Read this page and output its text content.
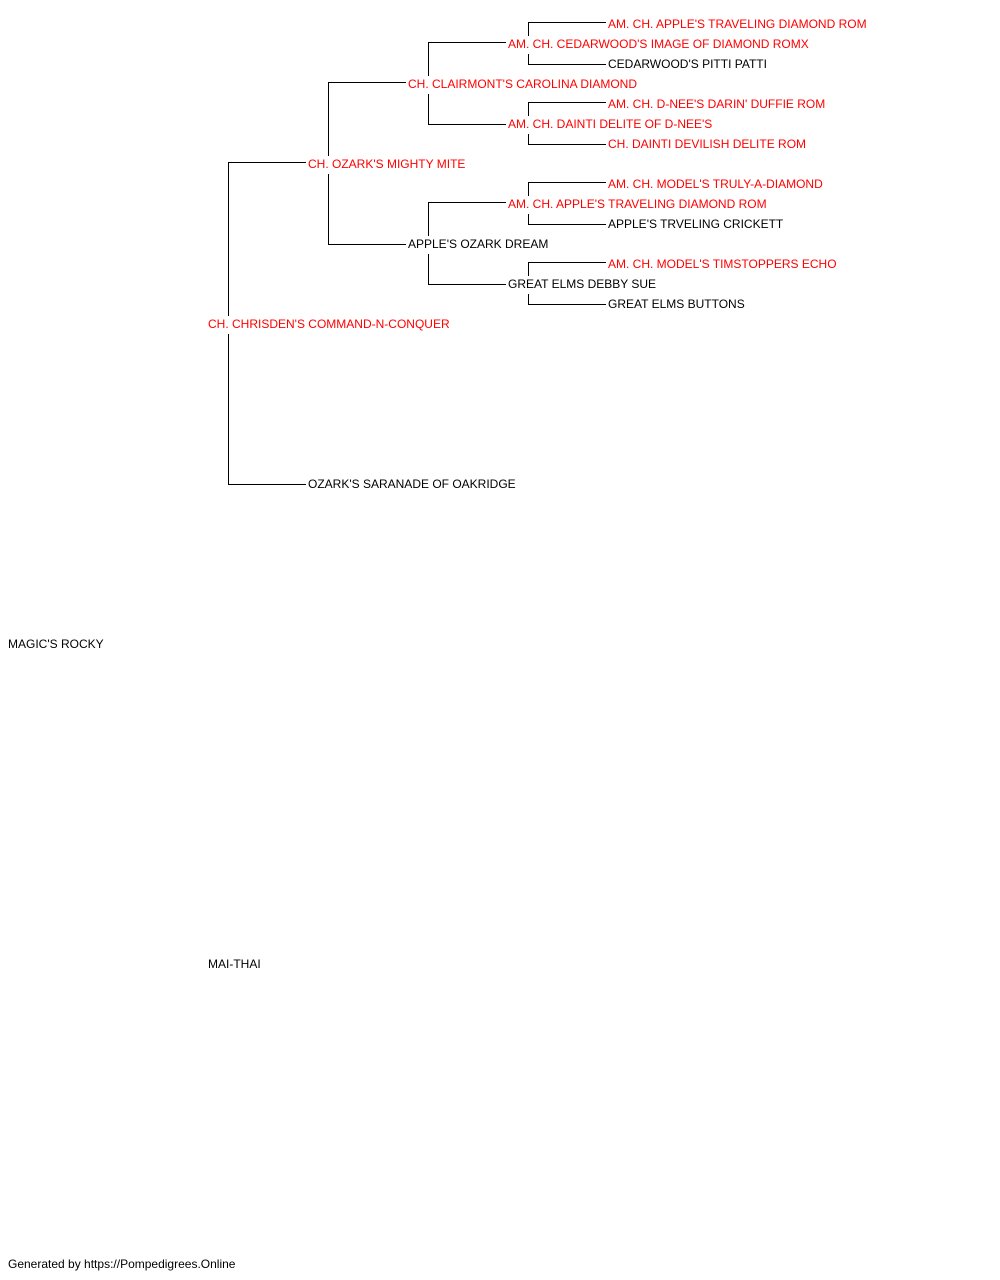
MAGIC'S ROCKY
CH. CHRISDEN'S COMMAND-N-CONQUER
MAI-THAI
CH. OZARK'S MIGHTY MITE
OZARK'S SARANADE OF OAKRIDGE
CH. CLAIRMONT'S CAROLINA DIAMOND
APPLE'S OZARK DREAM
AM. CH. CEDARWOOD'S IMAGE OF DIAMOND ROMX
AM. CH. DAINTI DELITE OF D-NEE'S
AM. CH. APPLE'S TRAVELING DIAMOND ROM
GREAT ELMS DEBBY SUE
AM. CH. APPLE'S TRAVELING DIAMOND ROM
CEDARWOOD'S PITTI PATTI
AM. CH. D-NEE'S DARIN' DUFFIE ROM
CH. DAINTI DEVILISH DELITE ROM
AM. CH. MODEL'S TRULY-A-DIAMOND
APPLE'S TRVELING CRICKETT
AM. CH. MODEL'S TIMSTOPPERS ECHO
GREAT ELMS BUTTONS
Generated by https://Pompedigrees.Online
